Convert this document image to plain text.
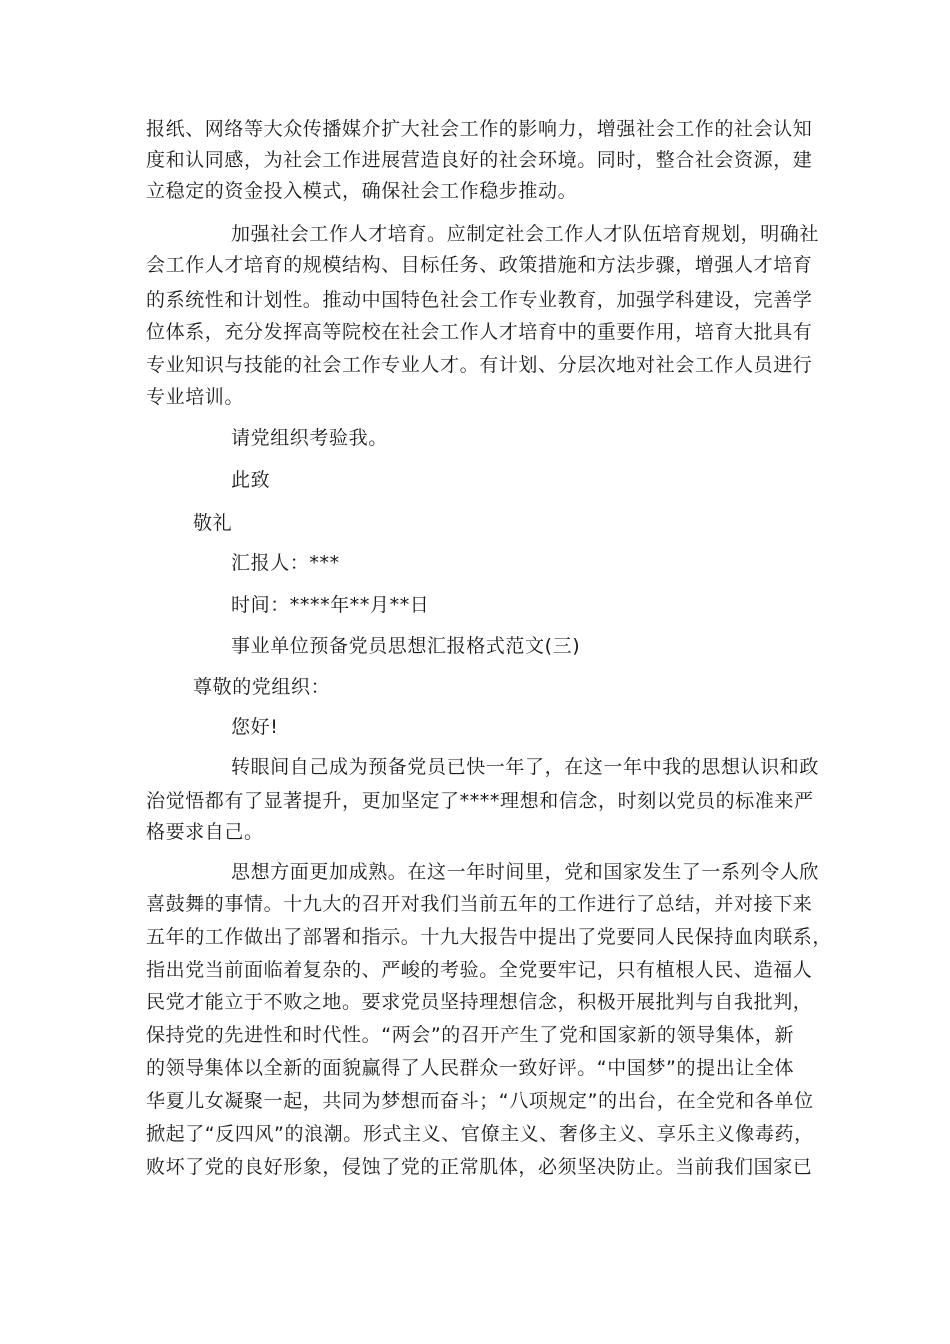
报纸、网络等大众传播媒介扩大社会工作的影响力，增强社会工作的社会认知
度和认同感，为社会工作进展营造良好的社会环境。同时，整合社会资源，建
立稳定的资金投入模式，确保社会工作稳步推动。
加强社会工作人才培育。应制定社会工作人才队伍培育规划，明确社
会工作人才培育的规模结构、目标任务、政策措施和方法步骤，增强人才培育
的系统性和计划性。推动中国特色社会工作专业教育，加强学科建设，完善学
位体系，充分发挥高等院校在社会工作人才培育中的重要作用，培育大批具有
专业知识与技能的社会工作专业人才。有计划、分层次地对社会工作人员进行
专业培训。
请党组织考验我。
此致
敬礼
汇报人：***
时间：****年**月**日
事业单位预备党员思想汇报格式范文(三)
尊敬的党组织：
您好!
转眼间自己成为预备党员已快一年了，在这一年中我的思想认识和政
治觉悟都有了显著提升，更加坚定了****理想和信念，时刻以党员的标准来严
格要求自己。
思想方面更加成熟。在这一年时间里，党和国家发生了一系列令人欣
喜鼓舞的事情。十九大的召开对我们当前五年的工作进行了总结，并对接下来
五年的工作做出了部署和指示。十九大报告中提出了党要同人民保持血肉联系，
指出党当前面临着复杂的、严峻的考验。全党要牢记，只有植根人民、造福人
民党才能立于不败之地。要求党员坚持理想信念，积极开展批判与自我批判，
保持党的先进性和时代性。“两会”的召开产生了党和国家新的领导集体，新
的领导集体以全新的面貌赢得了人民群众一致好评。“中国梦”的提出让全体
华夏儿女凝聚一起，共同为梦想而奋斗；“八项规定”的出台，在全党和各单位
掀起了“反四风”的浪潮。形式主义、官僚主义、奢侈主义、享乐主义像毒药，
败坏了党的良好形象，侵蚀了党的正常肌体，必须坚决防止。当前我们国家已
